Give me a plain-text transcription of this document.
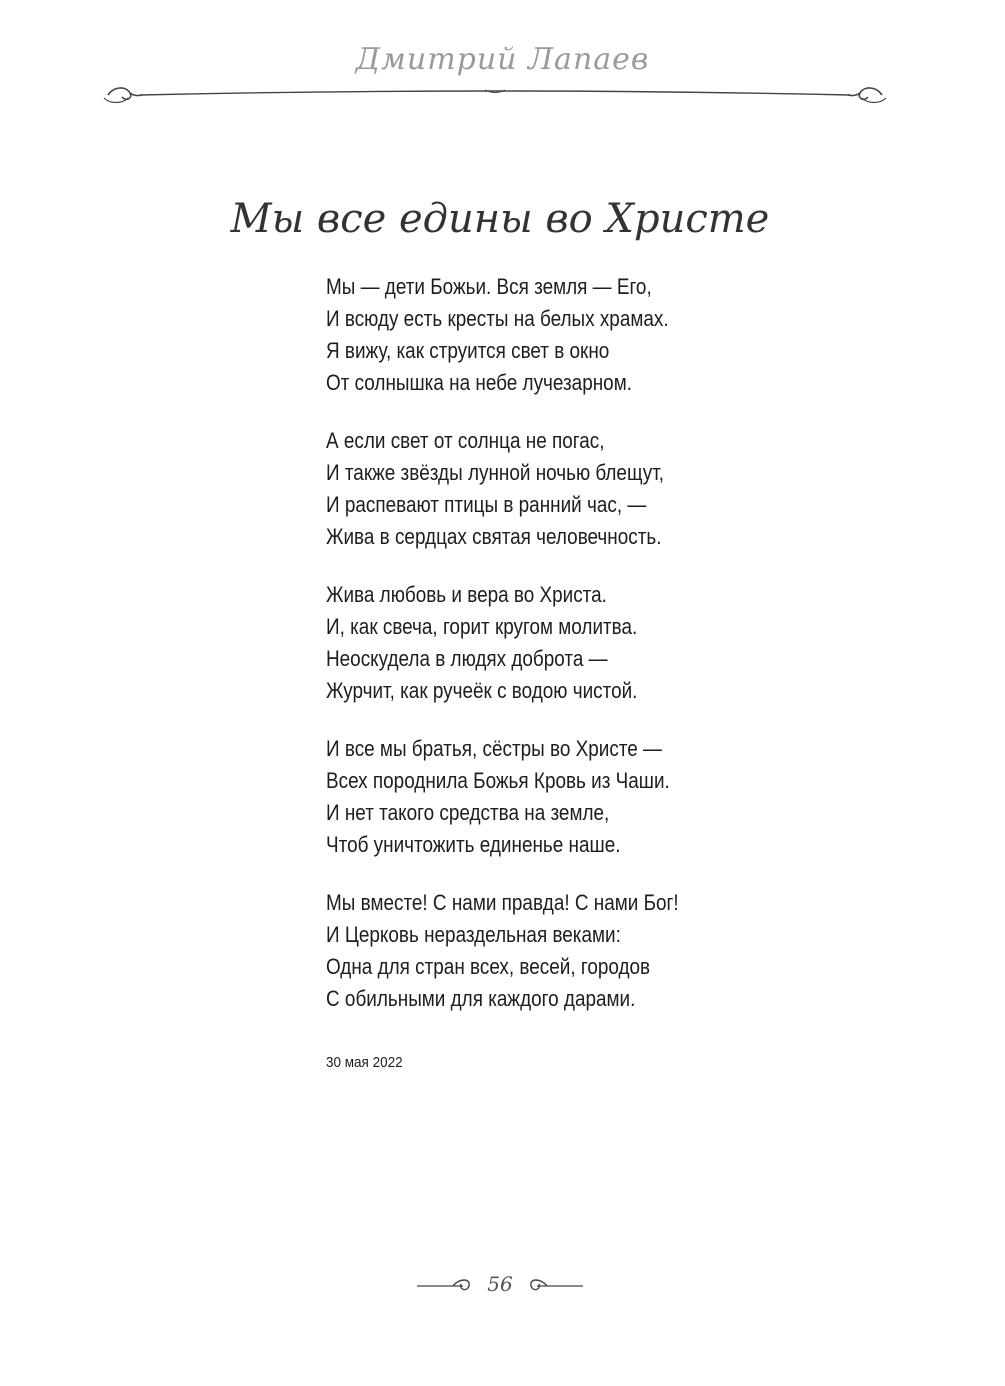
Дмитрий Лапаев
Мы все едины во Христе
Мы — дети Божьи. Вся земля — Его,
И всюду есть кресты на белых храмах.
Я вижу, как струится свет в окно
От солнышка на небе лучезарном.
А если свет от солнца не погас,
И также звёзды лунной ночью блещут,
И распевают птицы в ранний час, —
Жива в сердцах святая человечность.
Жива любовь и вера во Христа.
И, как свеча, горит кругом молитва.
Неоскудела в людях доброта —
Журчит, как ручеёк с водою чистой.
И все мы братья, сёстры во Христе —
Всех породнила Божья Кровь из Чаши.
И нет такого средства на земле,
Чтоб уничтожить единенье наше.
Мы вместе! С нами правда! С нами Бог!
И Церковь нераздельная веками:
Одна для стран всех, весей, городов
С обильными для каждого дарами.
30 мая 2022
56
